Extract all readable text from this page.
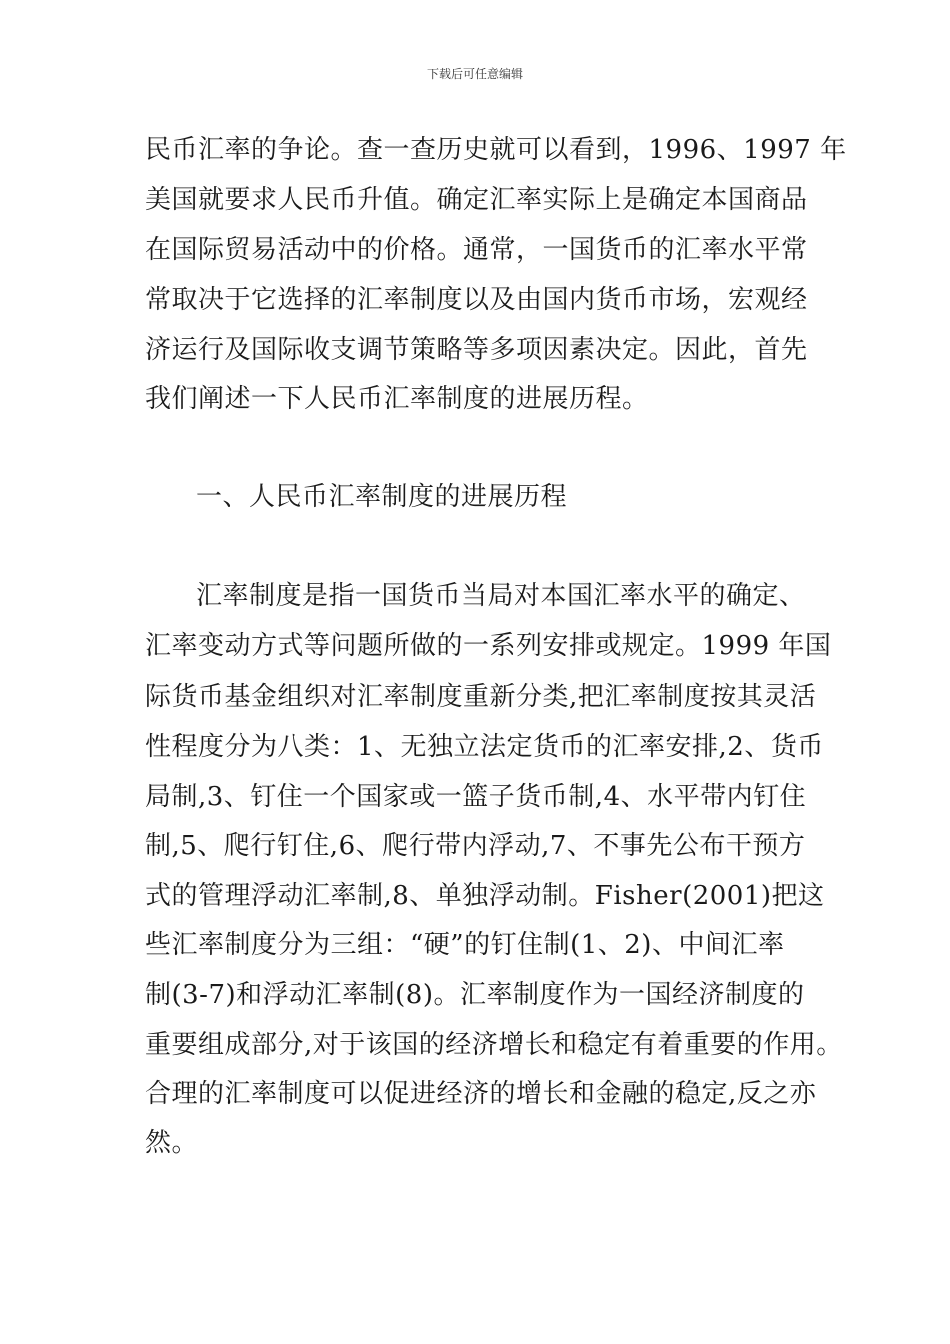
下载后可任意编辑
民币汇率的争论。查一查历史就可以看到，1996、1997 年
美国就要求人民币升值。确定汇率实际上是确定本国商品
在国际贸易活动中的价格。通常，一国货币的汇率水平常
常取决于它选择的汇率制度以及由国内货币市场，宏观经
济运行及国际收支调节策略等多项因素决定。因此，首先
我们阐述一下人民币汇率制度的进展历程。
一、人民币汇率制度的进展历程
汇率制度是指一国货币当局对本国汇率水平的确定、
汇率变动方式等问题所做的一系列安排或规定。1999 年国
际货币基金组织对汇率制度重新分类,把汇率制度按其灵活
性程度分为八类：1、无独立法定货币的汇率安排,2、货币
局制,3、钉住一个国家或一篮子货币制,4、水平带内钉住
制,5、爬行钉住,6、爬行带内浮动,7、不事先公布干预方
式的管理浮动汇率制,8、单独浮动制。Fisher(2001)把这
些汇率制度分为三组：“硬”的钉住制(1、2)、中间汇率
制(3-7)和浮动汇率制(8)。汇率制度作为一国经济制度的
重要组成部分,对于该国的经济增长和稳定有着重要的作用。
合理的汇率制度可以促进经济的增长和金融的稳定,反之亦
然。
